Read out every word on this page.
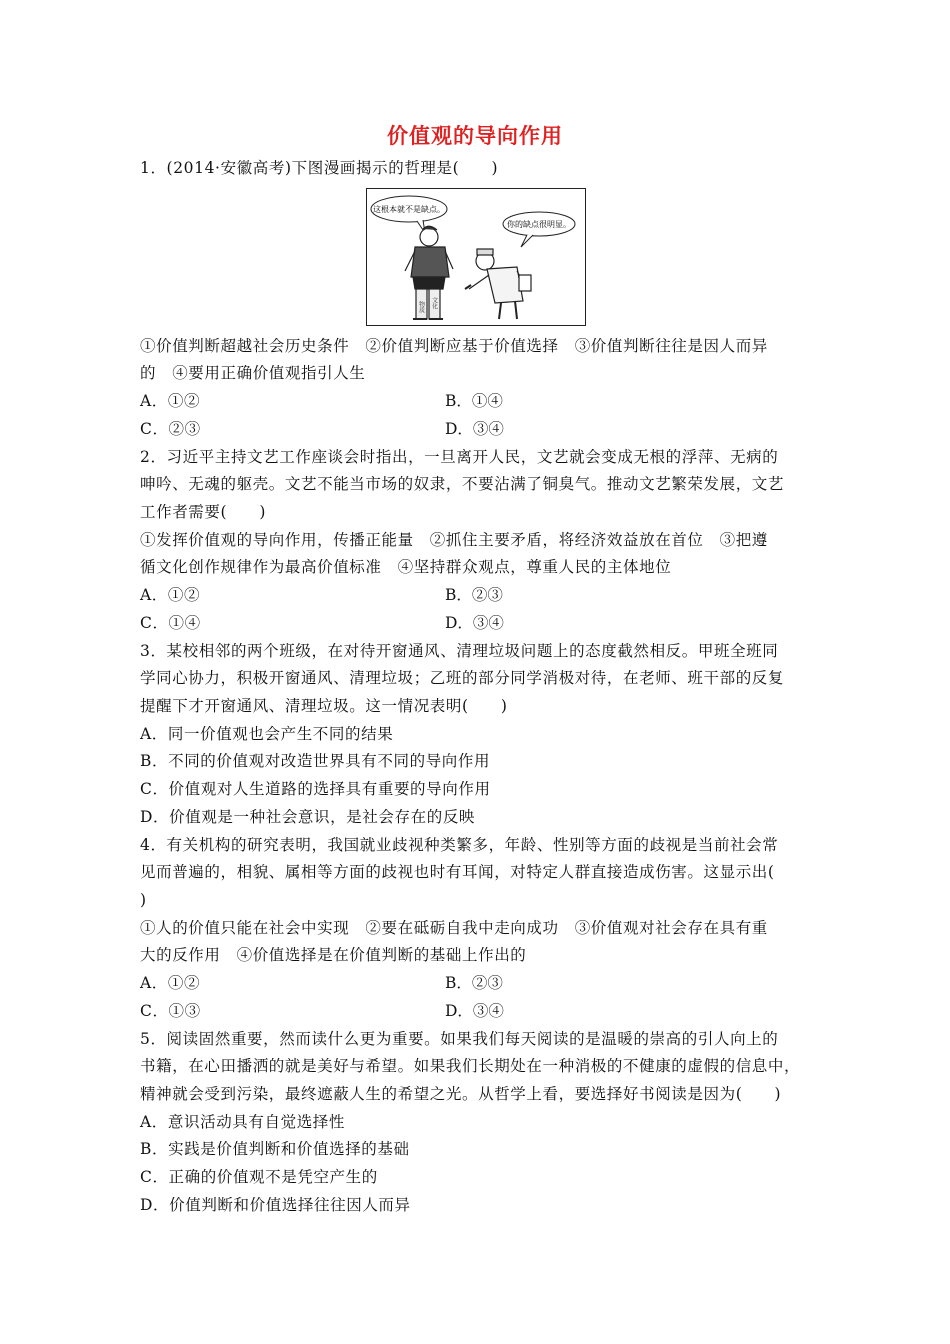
价值观的导向作用
1．(2014·安徽高考)下图漫画揭示的哲理是(　　)
这根本就不是缺点。
你的缺点很明显。
物质 文化
①价值判断超越社会历史条件　②价值判断应基于价值选择　③价值判断往往是因人而异
的　④要用正确价值观指引人生
A．①②	B．①④
C．②③	D．③④
2．习近平主持文艺工作座谈会时指出，一旦离开人民，文艺就会变成无根的浮萍、无病的
呻吟、无魂的躯壳。文艺不能当市场的奴隶，不要沾满了铜臭气。推动文艺繁荣发展，文艺
工作者需要(　　)
①发挥价值观的导向作用，传播正能量　②抓住主要矛盾，将经济效益放在首位　③把遵
循文化创作规律作为最高价值标准　④坚持群众观点，尊重人民的主体地位
A．①②	B．②③
C．①④	D．③④
3．某校相邻的两个班级，在对待开窗通风、清理垃圾问题上的态度截然相反。甲班全班同
学同心协力，积极开窗通风、清理垃圾；乙班的部分同学消极对待，在老师、班干部的反复
提醒下才开窗通风、清理垃圾。这一情况表明(　　)
A．同一价值观也会产生不同的结果
B．不同的价值观对改造世界具有不同的导向作用
C．价值观对人生道路的选择具有重要的导向作用
D．价值观是一种社会意识，是社会存在的反映
4．有关机构的研究表明，我国就业歧视种类繁多，年龄、性别等方面的歧视是当前社会常
见而普遍的，相貌、属相等方面的歧视也时有耳闻，对特定人群直接造成伤害。这显示出(
)
①人的价值只能在社会中实现　②要在砥砺自我中走向成功　③价值观对社会存在具有重
大的反作用　④价值选择是在价值判断的基础上作出的
A．①②	B．②③
C．①③	D．③④
5．阅读固然重要，然而读什么更为重要。如果我们每天阅读的是温暖的崇高的引人向上的
书籍，在心田播洒的就是美好与希望。如果我们长期处在一种消极的不健康的虚假的信息中，
精神就会受到污染，最终遮蔽人生的希望之光。从哲学上看，要选择好书阅读是因为(　　)
A．意识活动具有自觉选择性
B．实践是价值判断和价值选择的基础
C．正确的价值观不是凭空产生的
D．价值判断和价值选择往往因人而异
